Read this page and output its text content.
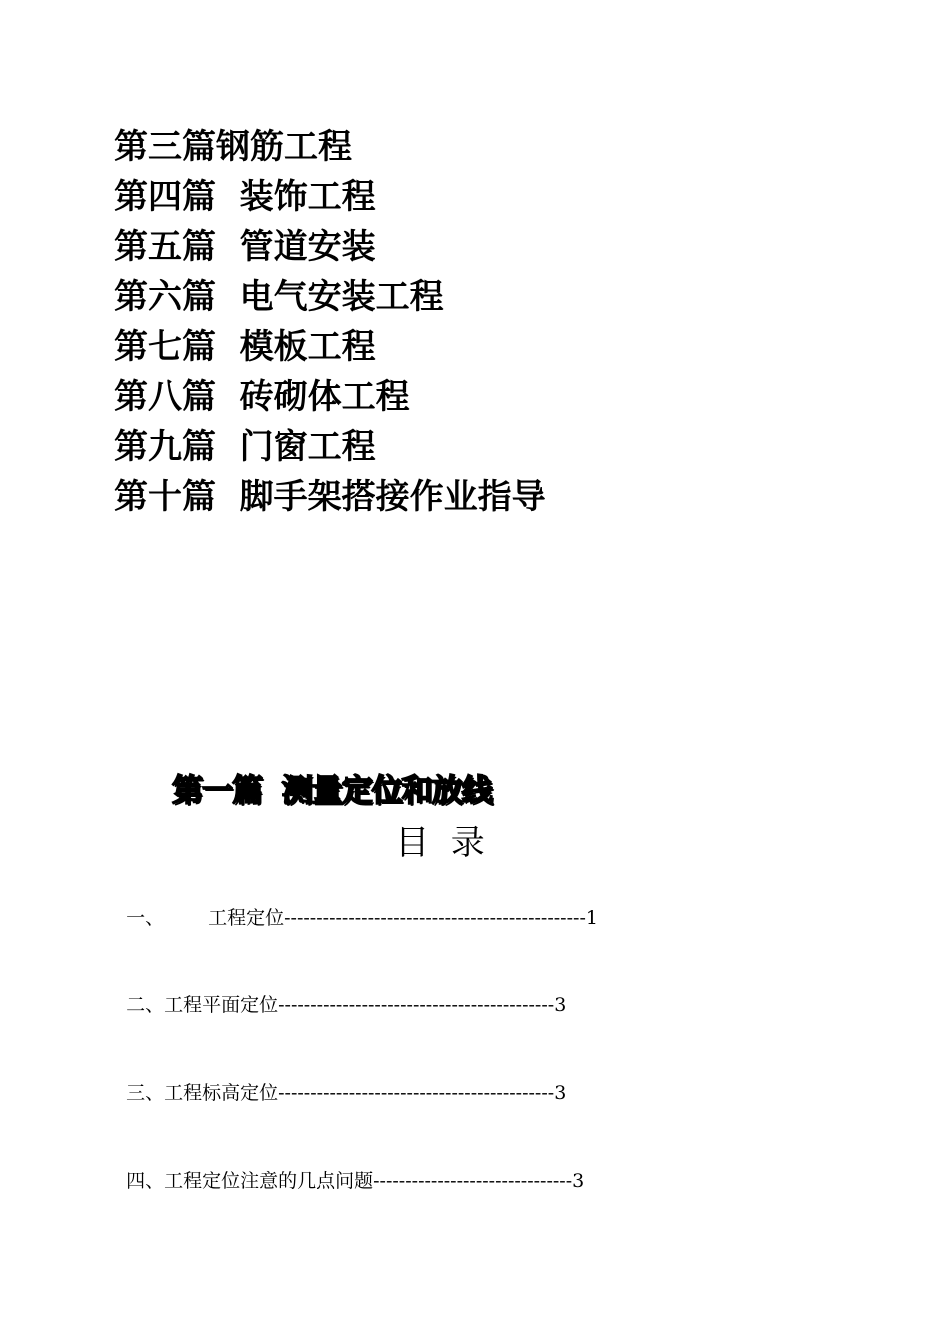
第三篇钢筋工程
第四篇  装饰工程
第五篇  管道安装
第六篇  电气安装工程
第七篇  模板工程
第八篇  砖砌体工程
第九篇  门窗工程
第十篇  脚手架搭接作业指导
第一篇  测量定位和放线
目  录

一、 工程定位-----------------------------------------------1

二、工程平面定位-------------------------------------------3

三、工程标高定位-------------------------------------------3

四、工程定位注意的几点问题-------------------------------3
